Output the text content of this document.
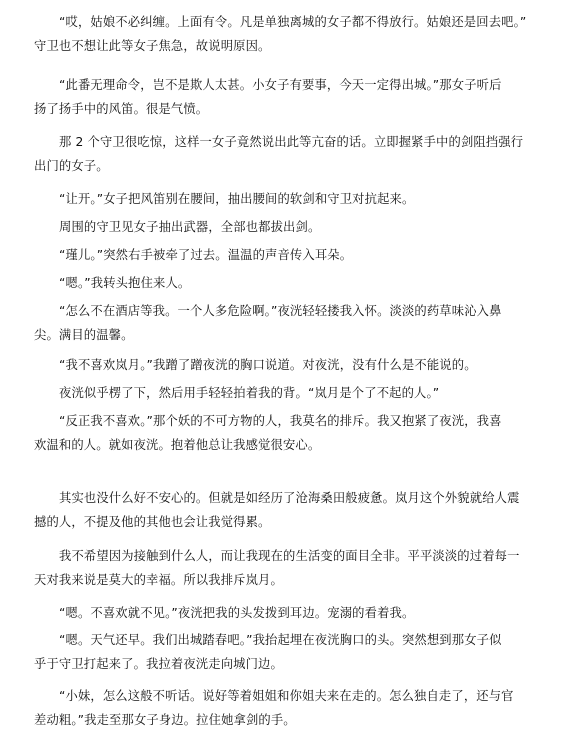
“哎，姑娘不必纠缠。上面有令。凡是单独离城的女子都不得放行。姑娘还是回去吧。”
守卫也不想让此等女子焦急，故说明原因。

“此番无理命令，岂不是欺人太甚。小女子有要事，今天一定得出城。”那女子听后
扬了扬手中的风笛。很是气愤。

那 2 个守卫很吃惊，这样一女子竟然说出此等亢奋的话。立即握紧手中的剑阻挡强行
出门的女子。

“让开。”女子把风笛别在腰间，抽出腰间的软剑和守卫对抗起来。

周围的守卫见女子抽出武器，全部也都拔出剑。

“瑾儿。”突然右手被牵了过去。温温的声音传入耳朵。

“嗯。”我转头抱住来人。

“怎么不在酒店等我。一个人多危险啊。”夜洸轻轻搂我入怀。淡淡的药草味沁入鼻
尖。满目的温馨。

“我不喜欢岚月。”我蹭了蹭夜洸的胸口说道。对夜洸，没有什么是不能说的。

夜洸似乎楞了下，然后用手轻轻拍着我的背。“岚月是个了不起的人。”

“反正我不喜欢。”那个妖的不可方物的人，我莫名的排斥。我又抱紧了夜洸，我喜
欢温和的人。就如夜洸。抱着他总让我感觉很安心。

其实也没什么好不安心的。但就是如经历了沧海桑田般疲惫。岚月这个外貌就给人震
撼的人，不提及他的其他也会让我觉得累。

我不希望因为接触到什么人，而让我现在的生活变的面目全非。平平淡淡的过着每一
天对我来说是莫大的幸福。所以我排斥岚月。

“嗯。不喜欢就不见。”夜洸把我的头发拨到耳边。宠溺的看着我。

“嗯。天气还早。我们出城踏春吧。”我抬起埋在夜洸胸口的头。突然想到那女子似
乎于守卫打起来了。我拉着夜洸走向城门边。

“小妹，怎么这般不听话。说好等着姐姐和你姐夫来在走的。怎么独自走了，还与官
差动粗。”我走至那女子身边。拉住她拿剑的手。
